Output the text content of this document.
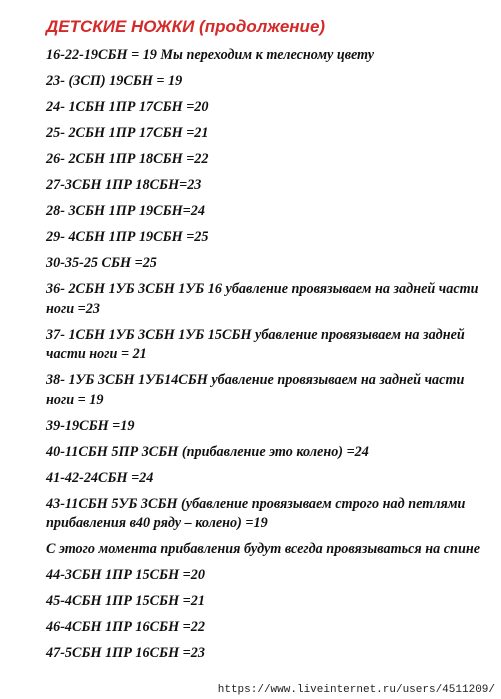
ДЕТСКИЕ НОЖКИ (продолжение)
16-22-19СБН = 19 Мы переходим к телесному цвету
23- (ЗСП) 19СБН = 19
24- 1СБН 1ПР 17СБН =20
25- 2СБН 1ПР 17СБН =21
26- 2СБН 1ПР 18СБН =22
27-3СБН 1ПР 18СБН=23
28- 3СБН 1ПР 19СБН=24
29- 4СБН 1ПР 19СБН =25
30-35-25 СБН =25
36- 2СБН 1УБ 3СБН 1УБ 16 убавление провязываем на задней части ноги =23
37- 1СБН 1УБ 3СБН 1УБ 15СБН убавление провязываем на задней части ноги = 21
38- 1УБ 3СБН 1УБ14СБН убавление провязываем на задней части ноги = 19
39-19СБН =19
40-11СБН 5ПР 3СБН (прибавление это колено) =24
41-42-24СБН =24
43-11СБН 5УБ 3СБН (убавление провязываем строго над петлями прибавления в40 ряду – колено) =19
С этого момента прибавления будут всегда провязываться на спине
44-3СБН 1ПР 15СБН =20
45-4СБН 1ПР 15СБН =21
46-4СБН 1ПР 16СБН =22
47-5СБН 1ПР 16СБН =23
https://www.liveinternet.ru/users/4511209/
